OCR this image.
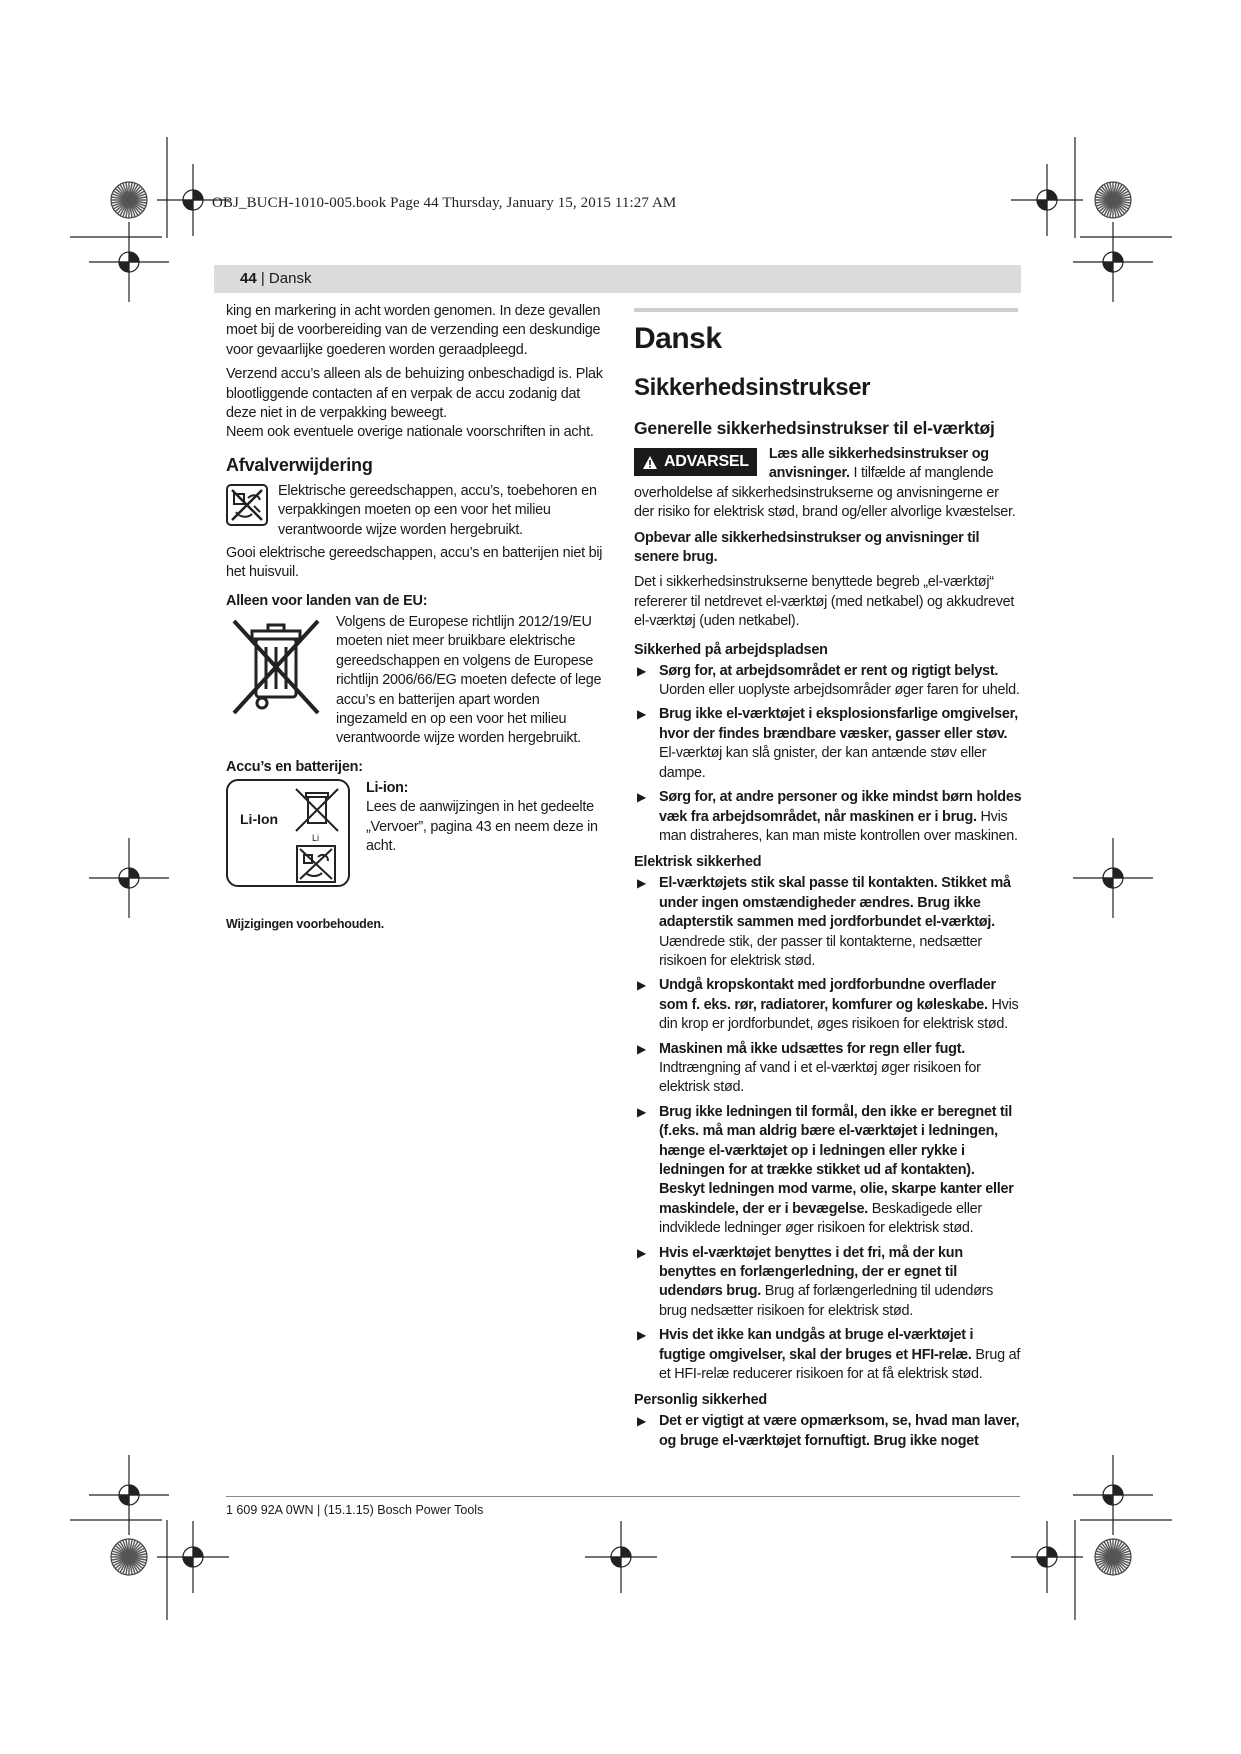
OBJ_BUCH-1010-005.book Page 44 Thursday, January 15, 2015 11:27 AM
44 | Dansk

king en markering in acht worden genomen. In deze gevallen moet bij de voorbereiding van de verzending een deskundige voor gevaarlijke goederen worden geraadpleegd.

Verzend accu’s alleen als de behuizing onbeschadigd is. Plak blootliggende contacten af en verpak de accu zodanig dat deze niet in de verpakking beweegt.

Neem ook eventuele overige nationale voorschriften in acht.

Afvalverwijdering

Elektrische gereedschappen, accu’s, toebehoren en verpakkingen moeten op een voor het milieu verantwoorde wijze worden hergebruikt.

Gooi elektrische gereedschappen, accu’s en batterijen niet bij het huisvuil.

Alleen voor landen van de EU:

Volgens de Europese richtlijn 2012/19/EU moeten niet meer bruikbare elektrische gereedschappen en volgens de Europese richtlijn 2006/66/EG moeten defecte of lege accu’s en batterijen apart worden ingezameld en op een voor het milieu verantwoorde wijze worden hergebruikt.

Accu’s en batterijen:
Li-Ion
Li
Li-ion:

Lees de aanwijzingen in het gedeelte „Vervoer”, pagina 43 en neem deze in acht.

Wijzigingen voorbehouden.
Dansk
Sikkerhedsinstrukser
Generelle sikkerhedsinstrukser til el-værktøj
ADVARSEL Læs alle sikkerhedsinstrukser og anvisninger. I tilfælde af manglende overholdelse af sikkerhedsinstrukserne og anvisningerne er der risiko for elektrisk stød, brand og/eller alvorlige kvæstelser.

Opbevar alle sikkerhedsinstrukser og anvisninger til senere brug.

Det i sikkerhedsinstrukserne benyttede begreb „el-værktøj“ refererer til netdrevet el-værktøj (med netkabel) og akkudrevet el-værktøj (uden netkabel).

Sikkerhed på arbejdspladsen
▶ Sørg for, at arbejdsområdet er rent og rigtigt belyst. Uorden eller uoplyste arbejdsområder øger faren for uheld.
▶ Brug ikke el-værktøjet i eksplosionsfarlige omgivelser, hvor der findes brændbare væsker, gasser eller støv. El-værktøj kan slå gnister, der kan antænde støv eller dampe.
▶ Sørg for, at andre personer og ikke mindst børn holdes væk fra arbejdsområdet, når maskinen er i brug. Hvis man distraheres, kan man miste kontrollen over maskinen.
Elektrisk sikkerhed
▶ El-værktøjets stik skal passe til kontakten. Stikket må under ingen omstændigheder ændres. Brug ikke adapterstik sammen med jordforbundet el-værktøj. Uændrede stik, der passer til kontakterne, nedsætter risikoen for elektrisk stød.
▶ Undgå kropskontakt med jordforbundne overflader som f. eks. rør, radiatorer, komfurer og køleskabe. Hvis din krop er jordforbundet, øges risikoen for elektrisk stød.
▶ Maskinen må ikke udsættes for regn eller fugt. Indtrængning af vand i et el-værktøj øger risikoen for elektrisk stød.
▶ Brug ikke ledningen til formål, den ikke er beregnet til (f.eks. må man aldrig bære el-værktøjet i ledningen, hænge el-værktøjet op i ledningen eller rykke i ledningen for at trække stikket ud af kontakten). Beskyt ledningen mod varme, olie, skarpe kanter eller maskindele, der er i bevægelse. Beskadigede eller indviklede ledninger øger risikoen for elektrisk stød.
▶ Hvis el-værktøjet benyttes i det fri, må der kun benyttes en forlængerledning, der er egnet til udendørs brug. Brug af forlængerledning til udendørs brug nedsætter risikoen for elektrisk stød.
▶ Hvis det ikke kan undgås at bruge el-værktøjet i fugtige omgivelser, skal der bruges et HFI-relæ. Brug af et HFI-relæ reducerer risikoen for at få elektrisk stød.
Personlig sikkerhed
▶ Det er vigtigt at være opmærksom, se, hvad man laver, og bruge el-værktøjet fornuftigt. Brug ikke noget
1 609 92A 0WN | (15.1.15) Bosch Power Tools
